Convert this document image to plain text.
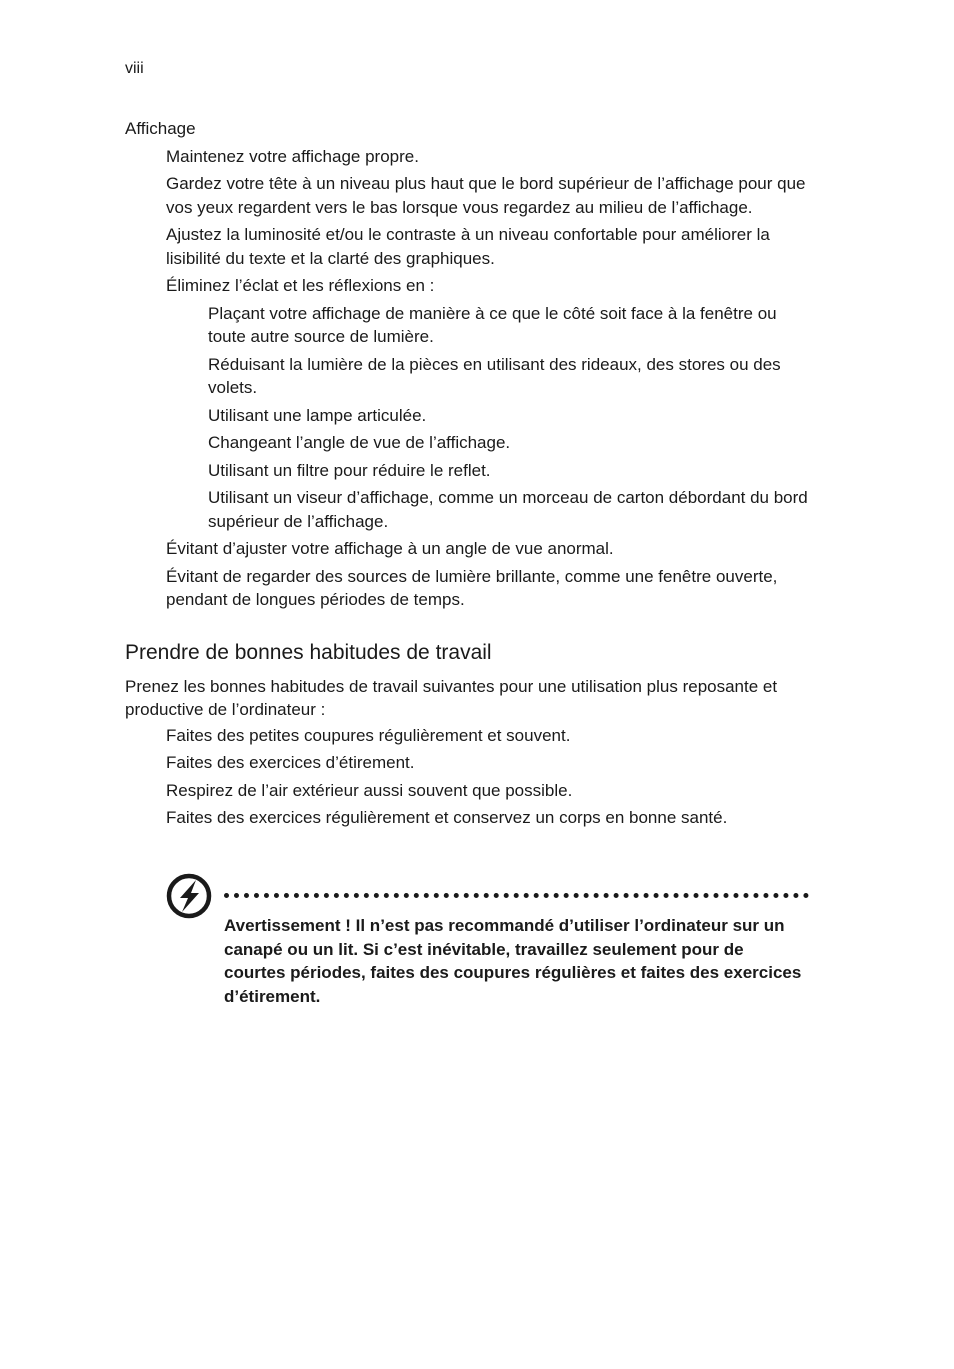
viii
Affichage
Maintenez votre affichage propre.
Gardez votre tête à un niveau plus haut que le bord supérieur de l’affichage pour que vos yeux regardent vers le bas lorsque vous regardez au milieu de l’affichage.
Ajustez la luminosité et/ou le contraste à un niveau confortable pour améliorer la lisibilité du texte et la clarté des graphiques.
Éliminez l’éclat et les réflexions en :
Plaçant votre affichage de manière à ce que le côté soit face à la fenêtre ou toute autre source de lumière.
Réduisant la lumière de la pièces en utilisant des rideaux, des stores ou des volets.
Utilisant une lampe articulée.
Changeant l’angle de vue de l’affichage.
Utilisant un filtre pour réduire le reflet.
Utilisant un viseur d’affichage, comme un morceau de carton débordant du bord supérieur de l’affichage.
Évitant d’ajuster votre affichage à un angle de vue anormal.
Évitant de regarder des sources de lumière brillante, comme une fenêtre ouverte, pendant de longues périodes de temps.
Prendre de bonnes habitudes de travail
Prenez les bonnes habitudes de travail suivantes pour une utilisation plus reposante et productive de l’ordinateur :
Faites des petites coupures régulièrement et souvent.
Faites des exercices d’étirement.
Respirez de l’air extérieur aussi souvent que possible.
Faites des exercices régulièrement et conservez un corps en bonne santé.
Avertissement ! Il n’est pas recommandé d’utiliser l’ordinateur sur un canapé ou un lit. Si c’est inévitable, travaillez seulement pour de courtes périodes, faites des coupures régulières et faites des exercices d’étirement.
